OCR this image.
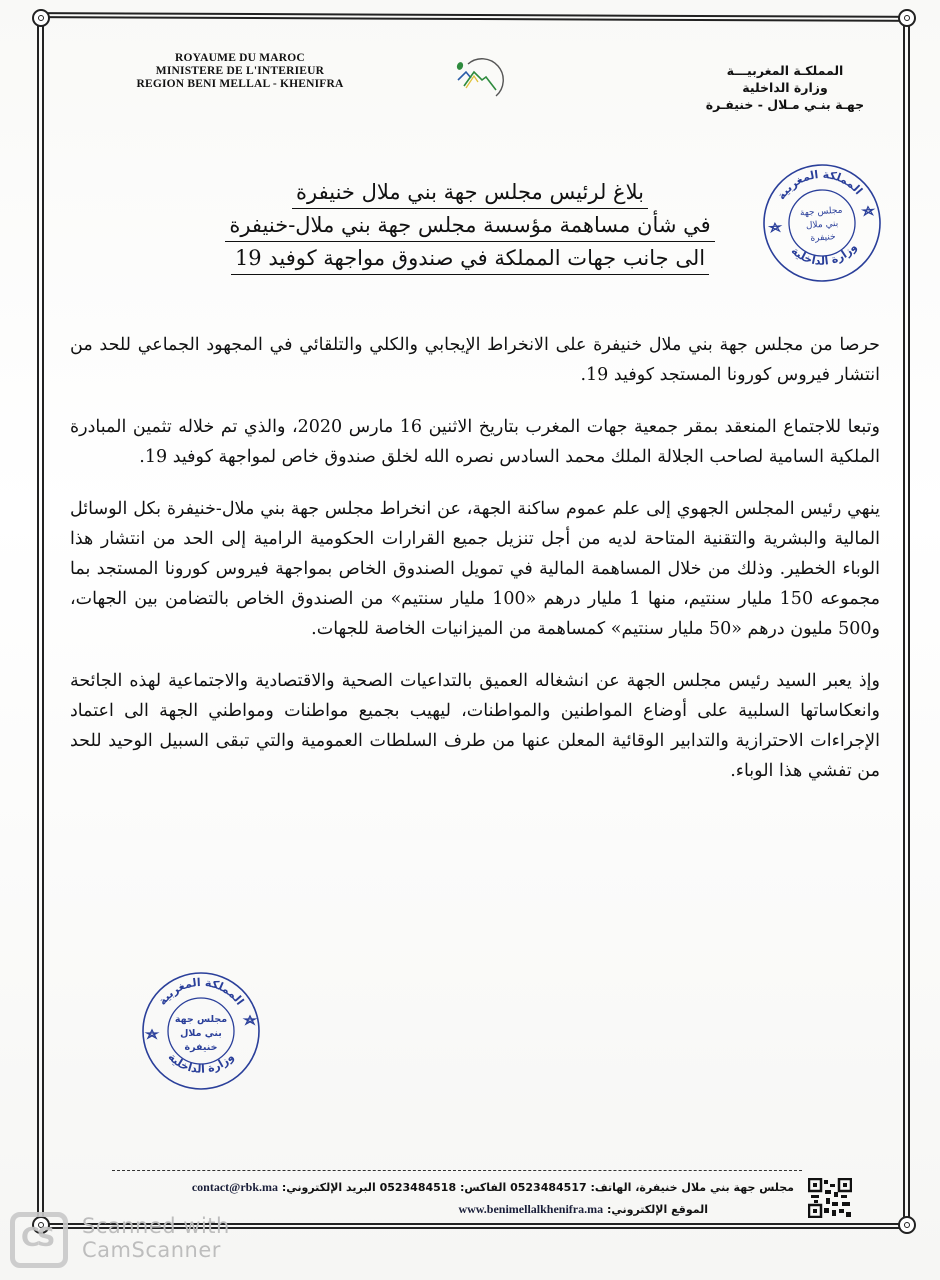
ROYAUME DU MAROC
MINISTERE DE L'INTERIEUR
REGION BENI MELLAL - KHENIFRA
المملكـة المغربيـــة
وزارة الداخلية
جهـة بنـي مـلال - خنيفـرة
بلاغ لرئيس مجلس جهة بني ملال خنيفرة
في شأن مساهمة مؤسسة مجلس جهة بني ملال-خنيفرة
الى جانب جهات المملكة في صندوق مواجهة كوفيد 19
المملكة المغربية
وزارة الداخلية
مجلس جهة
بني ملال
خنيفرة

حرصا من مجلس جهة بني ملال خنيفرة على الانخراط الإيجابي والكلي والتلقائي في المجهود الجماعي للحد من انتشار فيروس كورونا المستجد كوفيد 19.

وتبعا للاجتماع المنعقد بمقر جمعية جهات المغرب بتاريخ الاثنين 16 مارس 2020، والذي تم خلاله تثمين المبادرة الملكية السامية لصاحب الجلالة الملك محمد السادس نصره الله لخلق صندوق خاص لمواجهة كوفيد 19.

ينهي رئيس المجلس الجهوي إلى علم عموم ساكنة الجهة، عن انخراط مجلس جهة بني ملال-خنيفرة بكل الوسائل المالية والبشرية والتقنية المتاحة لديه من أجل تنزيل جميع القرارات الحكومية الرامية إلى الحد من انتشار هذا الوباء الخطير. وذلك من خلال المساهمة المالية في تمويل الصندوق الخاص بمواجهة فيروس كورونا المستجد بما مجموعه 150 مليار سنتيم، منها 1 مليار درهم «100 مليار سنتيم» من الصندوق الخاص بالتضامن بين الجهات، و500 مليون درهم «50 مليار سنتيم» كمساهمة من الميزانيات الخاصة للجهات.

وإذ يعبر السيد رئيس مجلس الجهة عن انشغاله العميق بالتداعيات الصحية والاقتصادية والاجتماعية لهذه الجائحة وانعكاساتها السلبية على أوضاع المواطنين والمواطنات، ليهيب بجميع مواطنات ومواطني الجهة الى اعتماد الإجراءات الاحترازية والتدابير الوقائية المعلن عنها من طرف السلطات العمومية والتي تبقى السبيل الوحيد للحد من تفشي هذا الوباء.

المملكة المغربية
وزارة الداخلية
مجلس جهة
بني ملال
خنيفرة
مجلس جهة بني ملال خنيفرة، الهاتف: 0523484517 الفاكس: 0523484518 البريد الإلكتروني: contact@rbk.ma
الموقع الإلكتروني: www.benimellalkhenifra.ma
CS Scanned with
CamScanner
